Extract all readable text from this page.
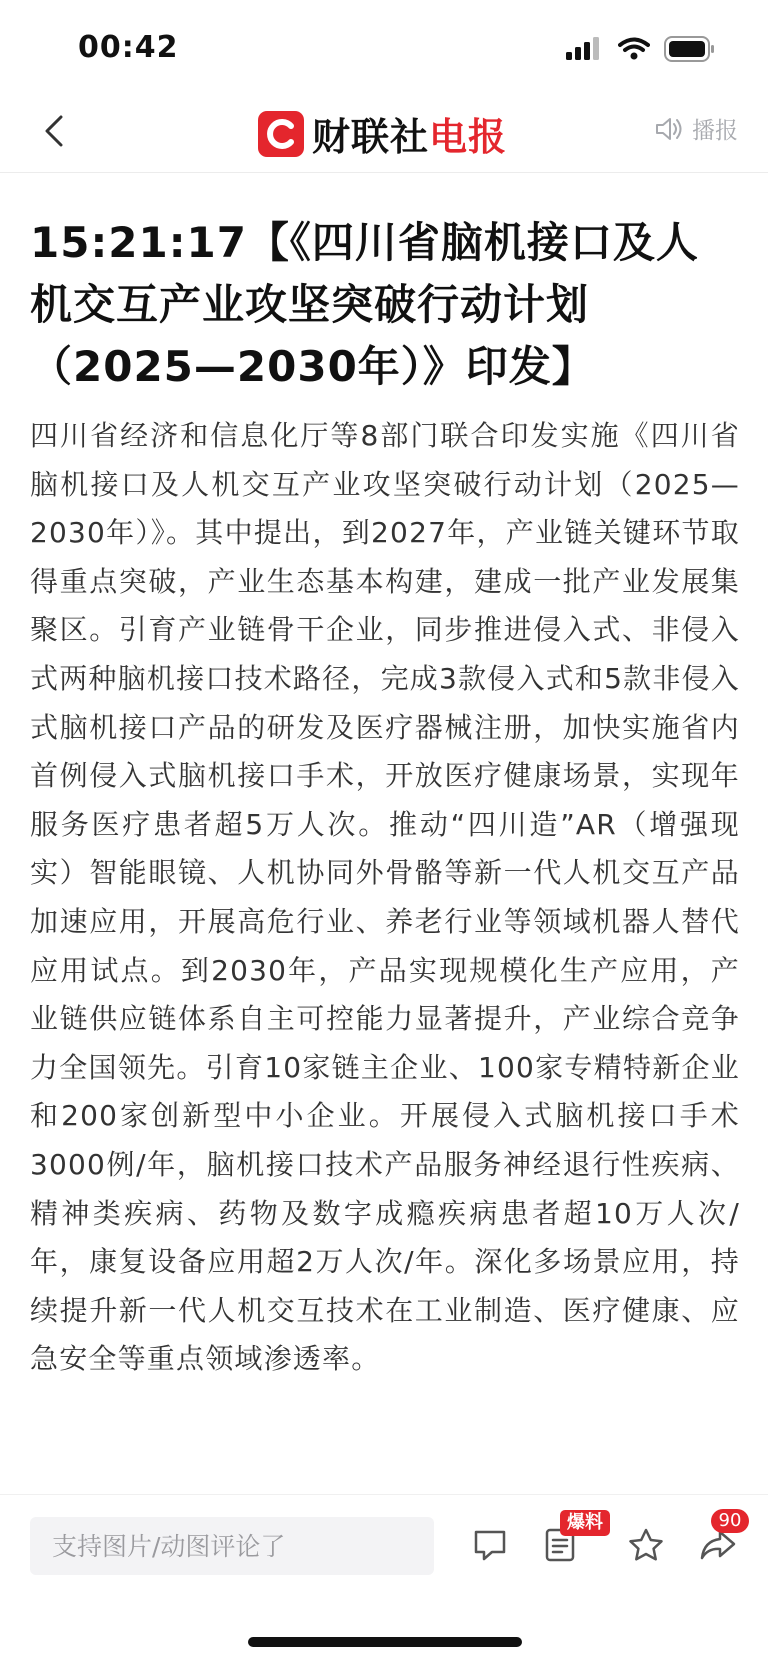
00:42
财联社电报	播报
15:21:17【《四川省脑机接口及人机交互产业攻坚突破行动计划（2025—2030年）》印发】

四川省经济和信息化厅等8部门联合印发实施《四川省脑机接口及人机交互产业攻坚突破行动计划（2025—2030年）》。其中提出，到2027年，产业链关键环节取得重点突破，产业生态基本构建，建成一批产业发展集聚区。引育产业链骨干企业，同步推进侵入式、非侵入式两种脑机接口技术路径，完成3款侵入式和5款非侵入式脑机接口产品的研发及医疗器械注册，加快实施省内首例侵入式脑机接口手术，开放医疗健康场景，实现年服务医疗患者超5万人次。推动“四川造”AR（增强现实）智能眼镜、人机协同外骨骼等新一代人机交互产品加速应用，开展高危行业、养老行业等领域机器人替代应用试点。到2030年，产品实现规模化生产应用，产业链供应链体系自主可控能力显著提升，产业综合竞争力全国领先。引育10家链主企业、100家专精特新企业和200家创新型中小企业。开展侵入式脑机接口手术3000例/年，脑机接口技术产品服务神经退行性疾病、精神类疾病、药物及数字成瘾疾病患者超10万人次/年，康复设备应用超2万人次/年。深化多场景应用，持续提升新一代人机交互技术在工业制造、医疗健康、应急安全等重点领域渗透率。

支持图片/动图评论了
爆料	90
